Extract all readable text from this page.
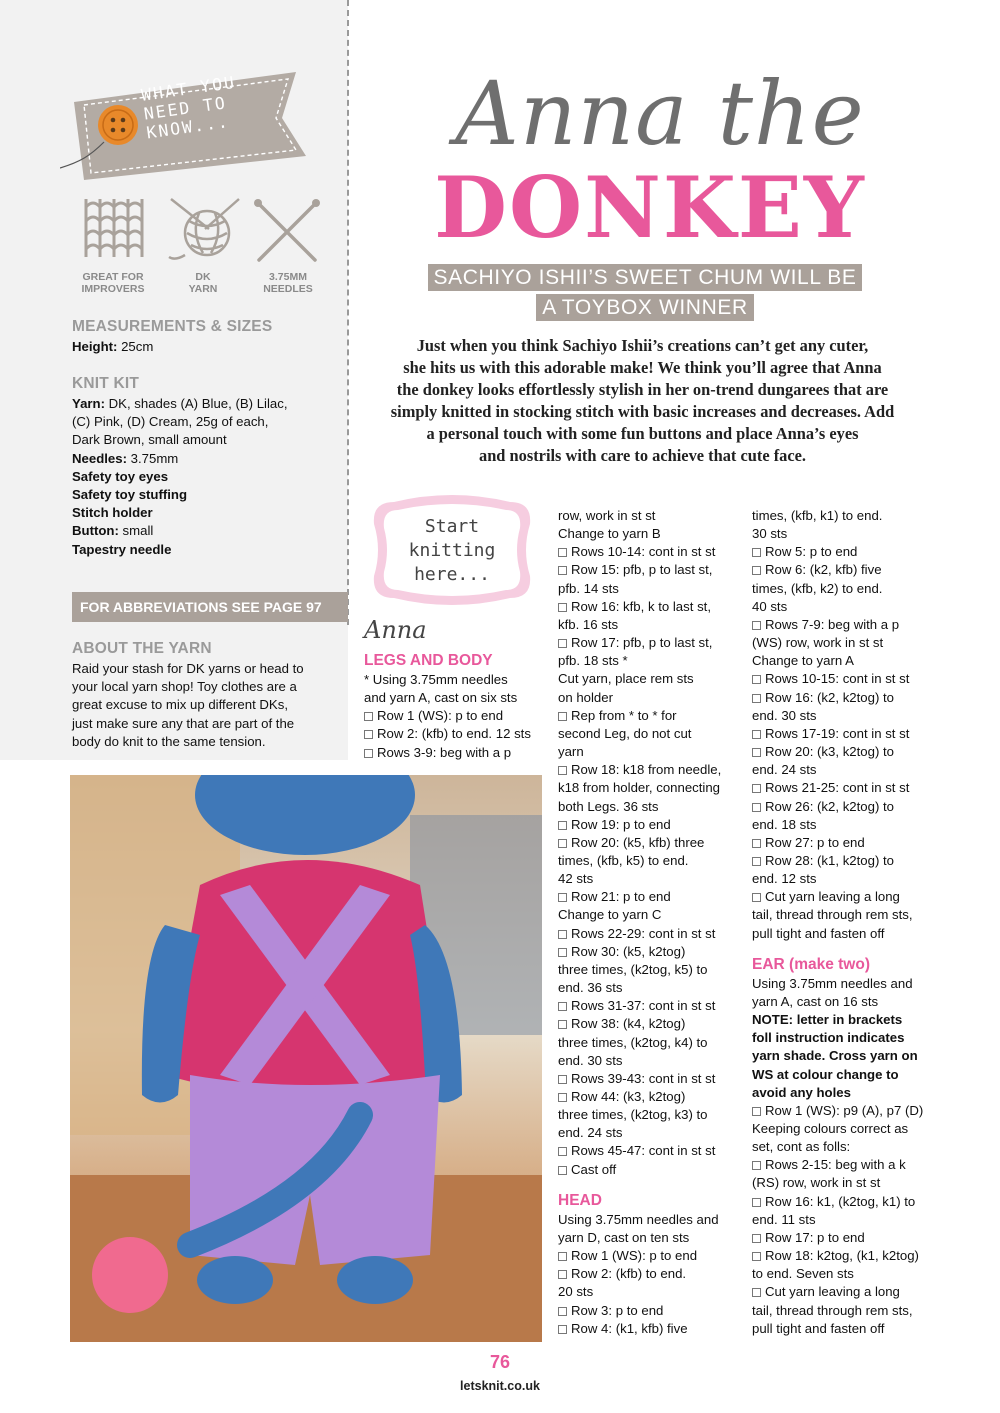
WHAT YOU NEED TO KNOW...
GREAT FOR
IMPROVERS
DK
YARN
3.75MM
NEEDLES
MEASUREMENTS & SIZES
Height: 25cm
KNIT KIT
Yarn: DK, shades (A) Blue, (B) Lilac,
(C) Pink, (D) Cream, 25g of each,
Dark Brown, small amount
Needles: 3.75mm
Safety toy eyes
Safety toy stuffing
Stitch holder
Button: small
Tapestry needle
FOR ABBREVIATIONS SEE PAGE 97
ABOUT THE YARN
Raid your stash for DK yarns or head to
your local yarn shop! Toy clothes are a
great excuse to mix up different DKs,
just make sure any that are part of the
body do knit to the same tension.
Anna the
DONKEY
SACHIYO ISHII’S SWEET CHUM WILL BE
A TOYBOX WINNER
Just when you think Sachiyo Ishii’s creations can’t get any cuter,
she hits us with this adorable make! We think you’ll agree that Anna
the donkey looks effortlessly stylish in her on-trend dungarees that are
simply knitted in stocking stitch with basic increases and decreases. Add
a personal touch with some fun buttons and place Anna’s eyes
and nostrils with care to achieve that cute face.
Start
knitting
here...
Anna

LEGS AND BODY

* Using 3.75mm needles

and yarn A, cast on six sts

Row 1 (WS): p to end

Row 2: (kfb) to end. 12 sts

Rows 3-9: beg with a p

row, work in st st

Change to yarn B

Rows 10-14: cont in st st

Row 15: pfb, p to last st,

pfb. 14 sts

Row 16: kfb, k to last st,

kfb. 16 sts

Row 17: pfb, p to last st,

pfb. 18 sts *

Cut yarn, place rem sts

on holder

Rep from * to * for

second Leg, do not cut

yarn

Row 18: k18 from needle,

k18 from holder, connecting

both Legs. 36 sts

Row 19: p to end

Row 20: (k5, kfb) three

times, (kfb, k5) to end.

42 sts

Row 21: p to end

Change to yarn C

Rows 22-29: cont in st st

Row 30: (k5, k2tog)

three times, (k2tog, k5) to

end. 36 sts

Rows 31-37: cont in st st

Row 38: (k4, k2tog)

three times, (k2tog, k4) to

end. 30 sts

Rows 39-43: cont in st st

Row 44: (k3, k2tog)

three times, (k2tog, k3) to

end. 24 sts

Rows 45-47: cont in st st

Cast off

HEAD

Using 3.75mm needles and

yarn D, cast on ten sts

Row 1 (WS): p to end

Row 2: (kfb) to end.

20 sts

Row 3: p to end

Row 4: (k1, kfb) five

times, (kfb, k1) to end.

30 sts

Row 5: p to end

Row 6: (k2, kfb) five

times, (kfb, k2) to end.

40 sts

Rows 7-9: beg with a p

(WS) row, work in st st

Change to yarn A

Rows 10-15: cont in st st

Row 16: (k2, k2tog) to

end. 30 sts

Rows 17-19: cont in st st

Row 20: (k3, k2tog) to

end. 24 sts

Rows 21-25: cont in st st

Row 26: (k2, k2tog) to

end. 18 sts

Row 27: p to end

Row 28: (k1, k2tog) to

end. 12 sts

Cut yarn leaving a long

tail, thread through rem sts,

pull tight and fasten off

EAR (make two)

Using 3.75mm needles and

yarn A, cast on 16 sts

NOTE: letter in brackets

foll instruction indicates

yarn shade. Cross yarn on

WS at colour change to

avoid any holes

Row 1 (WS): p9 (A), p7 (D)

Keeping colours correct as

set, cont as folls:

Rows 2-15: beg with a k

(RS) row, work in st st

Row 16: k1, (k2tog, k1) to

end. 11 sts

Row 17: p to end

Row 18: k2tog, (k1, k2tog)

to end. Seven sts

Cut yarn leaving a long

tail, thread through rem sts,

pull tight and fasten off

76
letsknit.co.uk
